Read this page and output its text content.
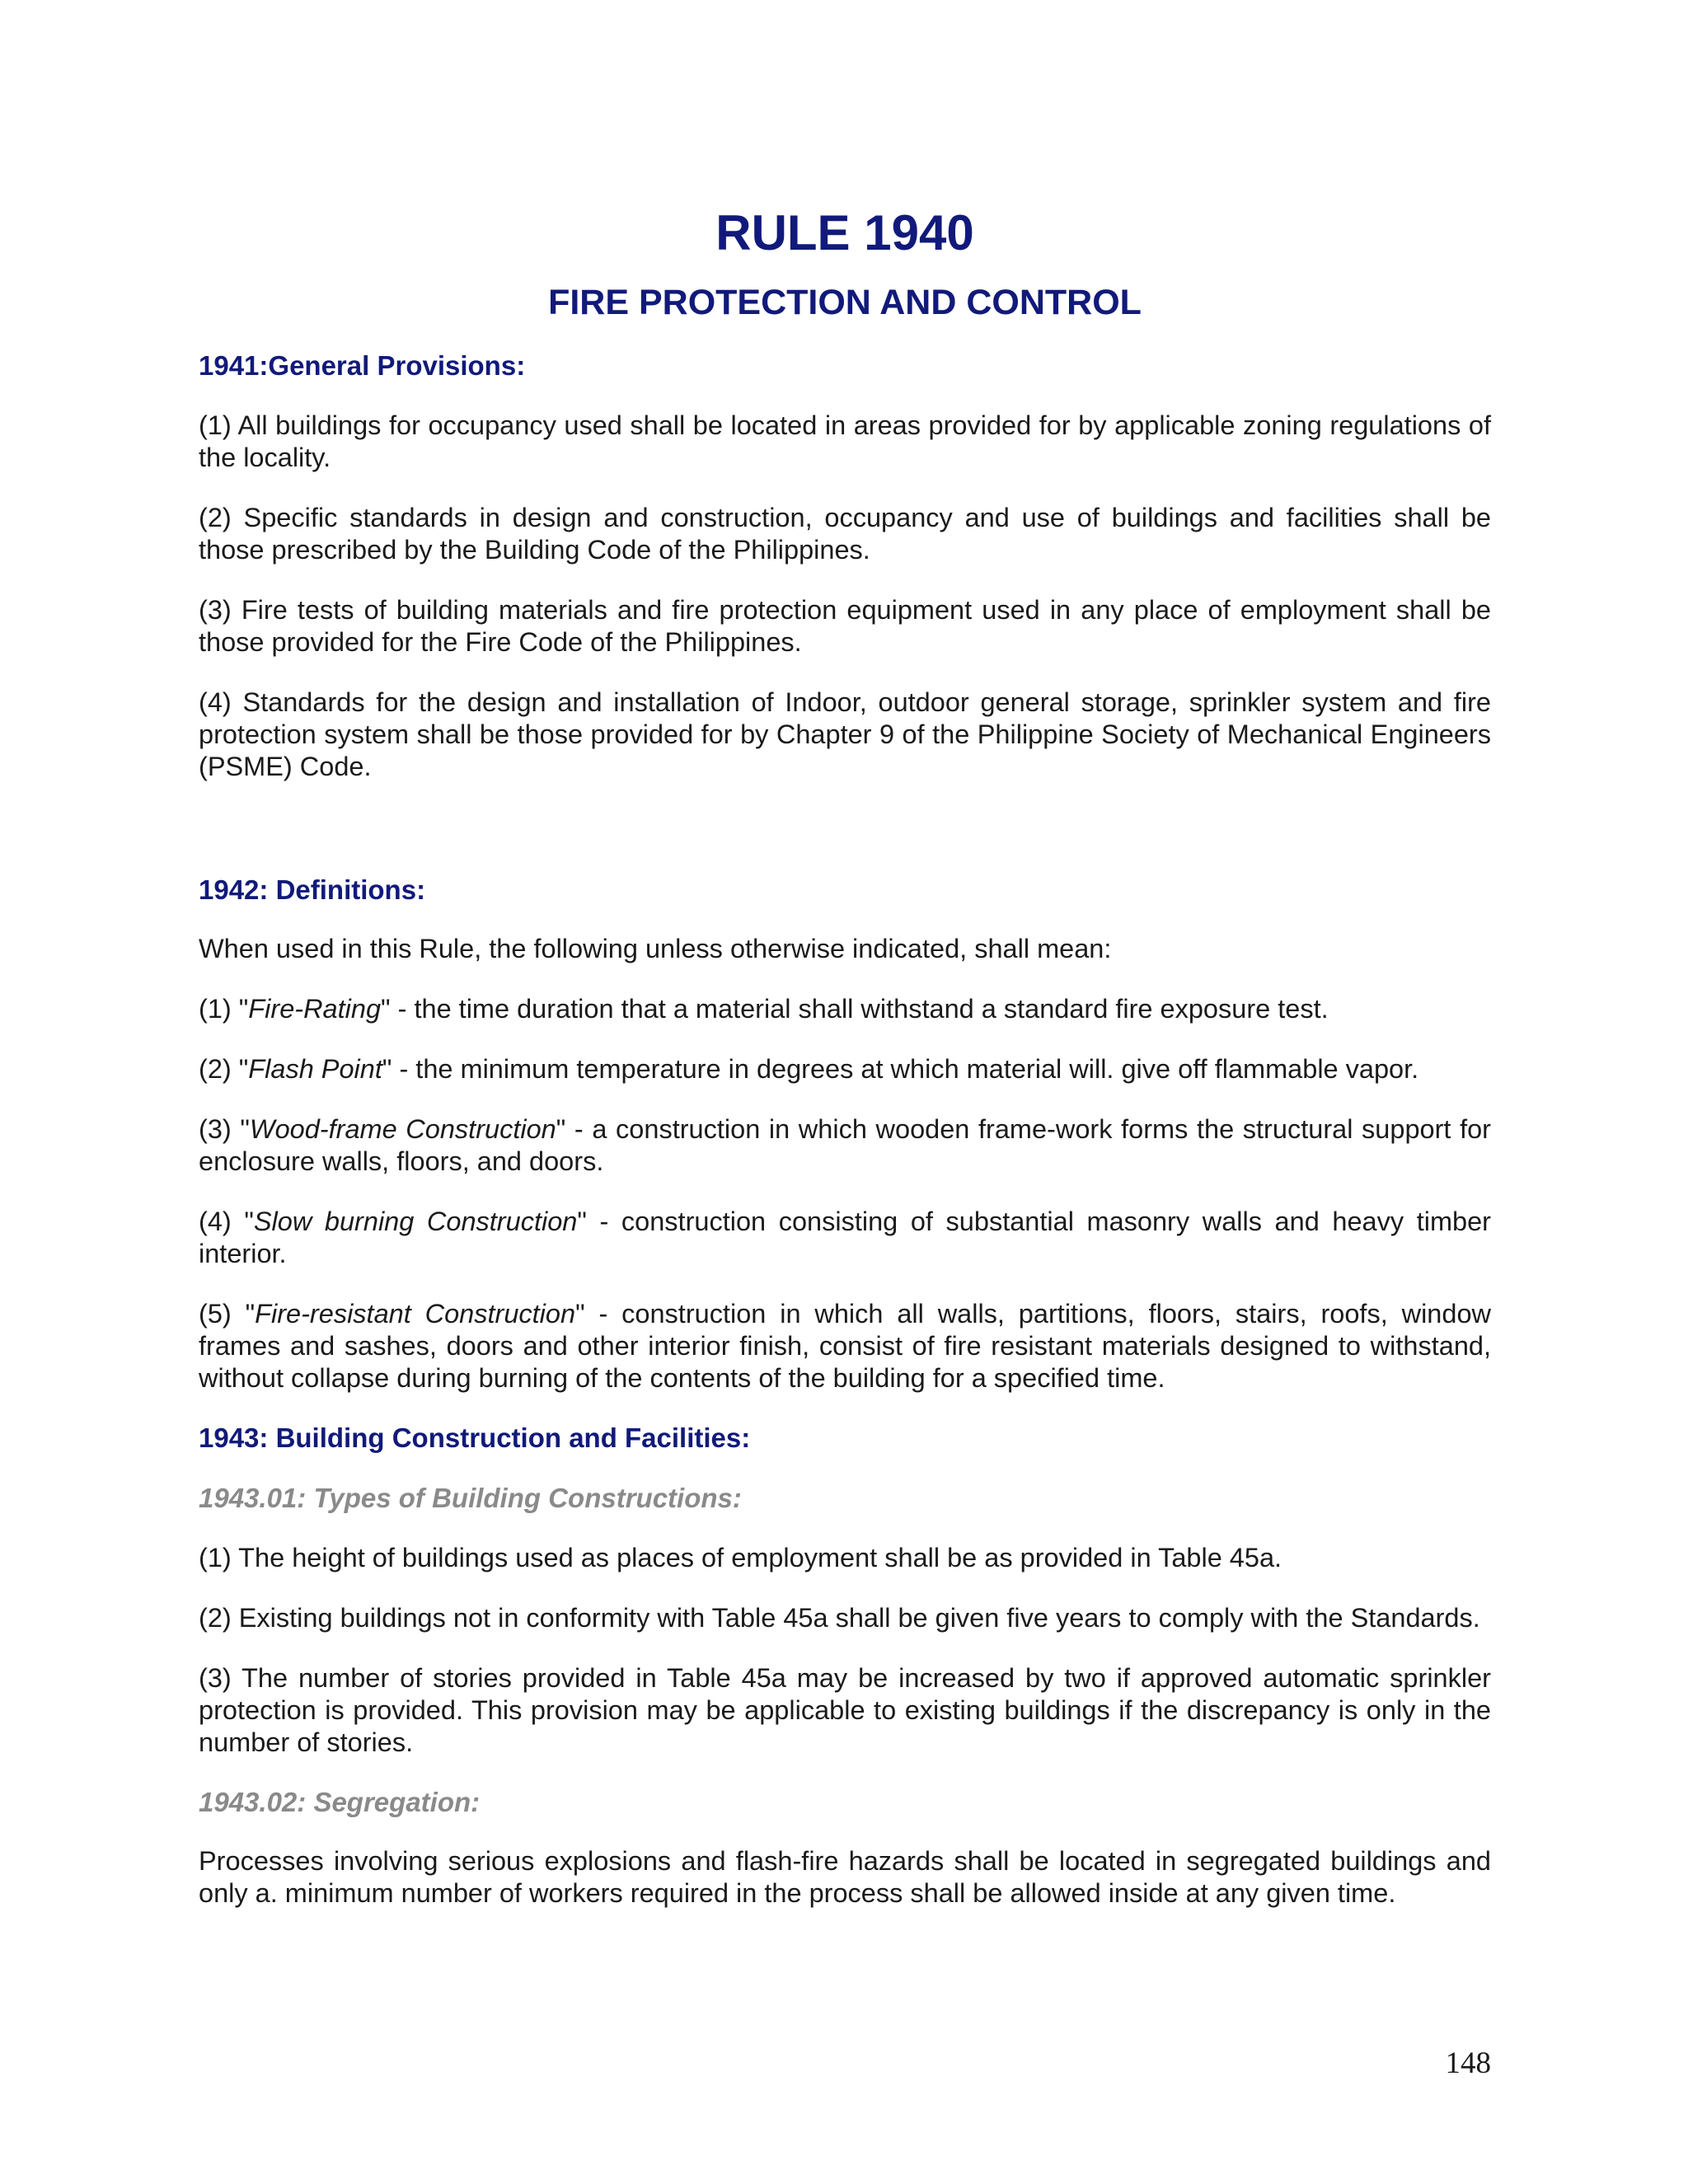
RULE 1940
FIRE PROTECTION AND CONTROL
1941:General Provisions:

(1) All buildings for occupancy used shall be located in areas provided for by applicable zoning regulations of the locality.

(2) Specific standards in design and construction, occupancy and use of buildings and facilities shall be those prescribed by the Building Code of the Philippines.

(3) Fire tests of building materials and fire protection equipment used in any place of employment shall be those provided for the Fire Code of the Philippines.

(4) Standards for the design and installation of Indoor, outdoor general storage, sprinkler system and fire protection system shall be those provided for by Chapter 9 of the Philippine Society of Mechanical Engineers (PSME) Code.

1942: Definitions:

When used in this Rule, the following unless otherwise indicated, shall mean:

(1) "Fire-Rating" - the time duration that a material shall withstand a standard fire exposure test.

(2) "Flash Point" - the minimum temperature in degrees at which material will. give off flammable vapor.

(3) "Wood-frame Construction" - a construction in which wooden frame-work forms the structural support for enclosure walls, floors, and doors.

(4) "Slow burning Construction" - construction consisting of substantial masonry walls and heavy timber interior.

(5) "Fire-resistant Construction" - construction in which all walls, partitions, floors, stairs, roofs, window frames and sashes, doors and other interior finish, consist of fire resistant materials designed to withstand, without collapse during burning of the contents of the building for a specified time.

1943: Building Construction and Facilities:
1943.01: Types of Building Constructions:

(1) The height of buildings used as places of employment shall be as provided in Table 45a.

(2) Existing buildings not in conformity with Table 45a shall be given five years to comply with the Standards.

(3) The number of stories provided in Table 45a may be increased by two if approved automatic sprinkler protection is provided. This provision may be applicable to existing buildings if the discrepancy is only in the number of stories.

1943.02: Segregation:

Processes involving serious explosions and flash-fire hazards shall be located in segregated buildings and only a. minimum number of workers required in the process shall be allowed inside at any given time.

148
